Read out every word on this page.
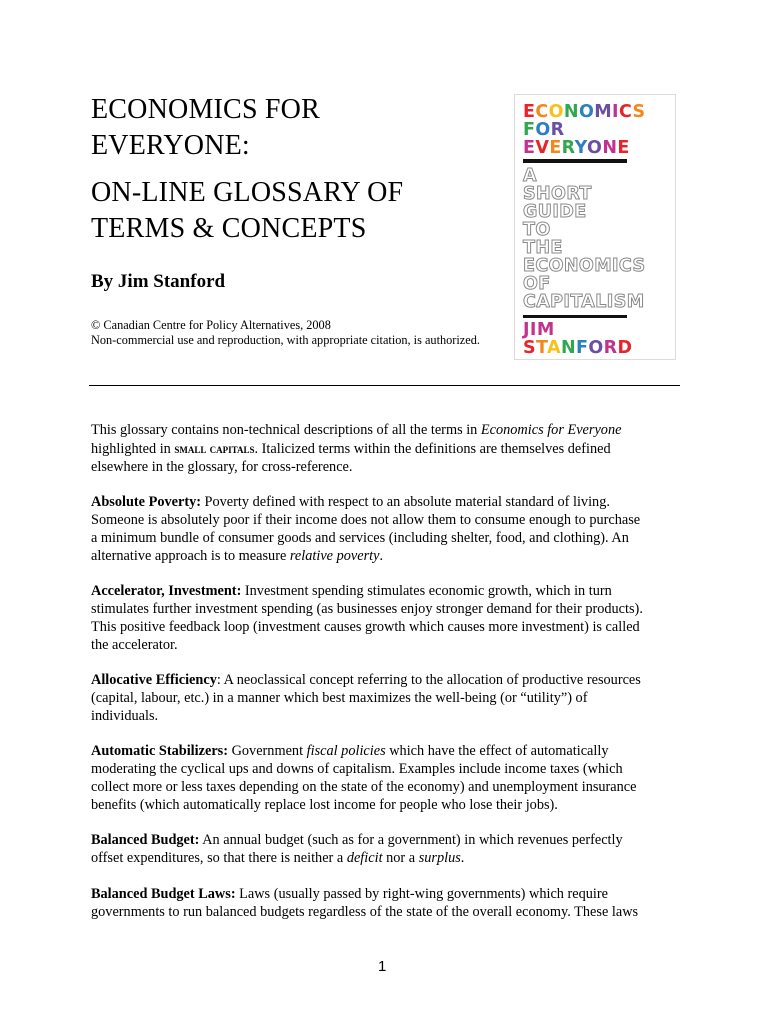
ECONOMICS FOR
EVERYONE:
ON-LINE GLOSSARY OF
TERMS & CONCEPTS

By Jim Stanford

© Canadian Centre for Policy Alternatives, 2008
Non-commercial use and reproduction, with appropriate citation, is authorized.
ECONOMICS
FOR
EVERYONE
A
SHORT
GUIDE
TO
THE
ECONOMICS
OF
CAPITALISM
JIM
STANFORD

This glossary contains non-technical descriptions of all the terms in Economics for Everyone
highlighted in small capitals. Italicized terms within the definitions are themselves defined
elsewhere in the glossary, for cross-reference.

Absolute Poverty: Poverty defined with respect to an absolute material standard of living.
Someone is absolutely poor if their income does not allow them to consume enough to purchase
a minimum bundle of consumer goods and services (including shelter, food, and clothing). An
alternative approach is to measure relative poverty.

Accelerator, Investment: Investment spending stimulates economic growth, which in turn
stimulates further investment spending (as businesses enjoy stronger demand for their products).
This positive feedback loop (investment causes growth which causes more investment) is called
the accelerator.

Allocative Efficiency: A neoclassical concept referring to the allocation of productive resources
(capital, labour, etc.) in a manner which best maximizes the well-being (or “utility”) of
individuals.

Automatic Stabilizers: Government fiscal policies which have the effect of automatically
moderating the cyclical ups and downs of capitalism. Examples include income taxes (which
collect more or less taxes depending on the state of the economy) and unemployment insurance
benefits (which automatically replace lost income for people who lose their jobs).

Balanced Budget: An annual budget (such as for a government) in which revenues perfectly
offset expenditures, so that there is neither a deficit nor a surplus.

Balanced Budget Laws: Laws (usually passed by right-wing governments) which require
governments to run balanced budgets regardless of the state of the overall economy. These laws

1
